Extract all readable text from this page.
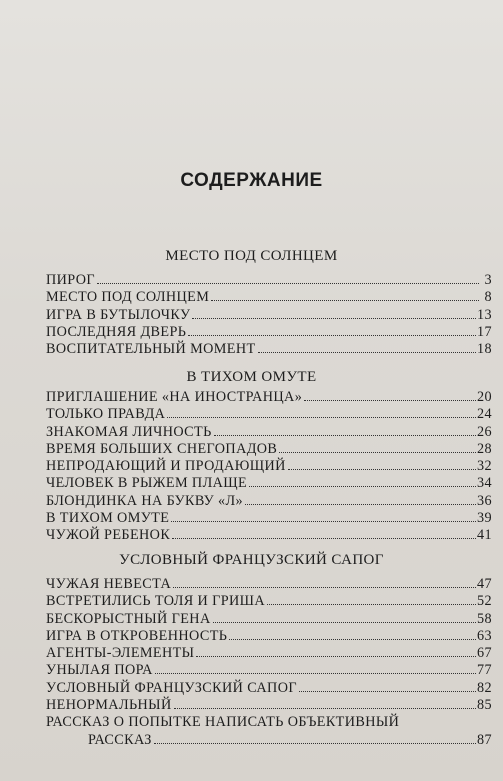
СОДЕРЖАНИЕ
МЕСТО ПОД СОЛНЦЕМ
ПИРОГ	3
МЕСТО ПОД СОЛНЦЕМ	8
ИГРА В БУТЫЛОЧКУ	13
ПОСЛЕДНЯЯ ДВЕРЬ	17
ВОСПИТАТЕЛЬНЫЙ МОМЕНТ	18
В ТИХОМ ОМУТЕ
ПРИГЛАШЕНИЕ «НА ИНОСТРАНЦА»	20
ТОЛЬКО ПРАВДА	24
ЗНАКОМАЯ ЛИЧНОСТЬ	26
ВРЕМЯ БОЛЬШИХ СНЕГОПАДОВ	28
НЕПРОДАЮЩИЙ И ПРОДАЮЩИЙ	32
ЧЕЛОВЕК В РЫЖЕМ ПЛАЩЕ	34
БЛОНДИНКА НА БУКВУ «Л»	36
В ТИХОМ ОМУТЕ	39
ЧУЖОЙ РЕБЕНОК	41
УСЛОВНЫЙ ФРАНЦУЗСКИЙ САПОГ
ЧУЖАЯ НЕВЕСТА	47
ВСТРЕТИЛИСЬ ТОЛЯ И ГРИША	52
БЕСКОРЫСТНЫЙ ГЕНА	58
ИГРА В ОТКРОВЕННОСТЬ	63
АГЕНТЫ-ЭЛЕМЕНТЫ	67
УНЫЛАЯ ПОРА	77
УСЛОВНЫЙ ФРАНЦУЗСКИЙ САПОГ	82
НЕНОРМАЛЬНЫЙ	85
РАССКАЗ О ПОПЫТКЕ НАПИСАТЬ ОБЪЕКТИВНЫЙ
РАССКАЗ	87
